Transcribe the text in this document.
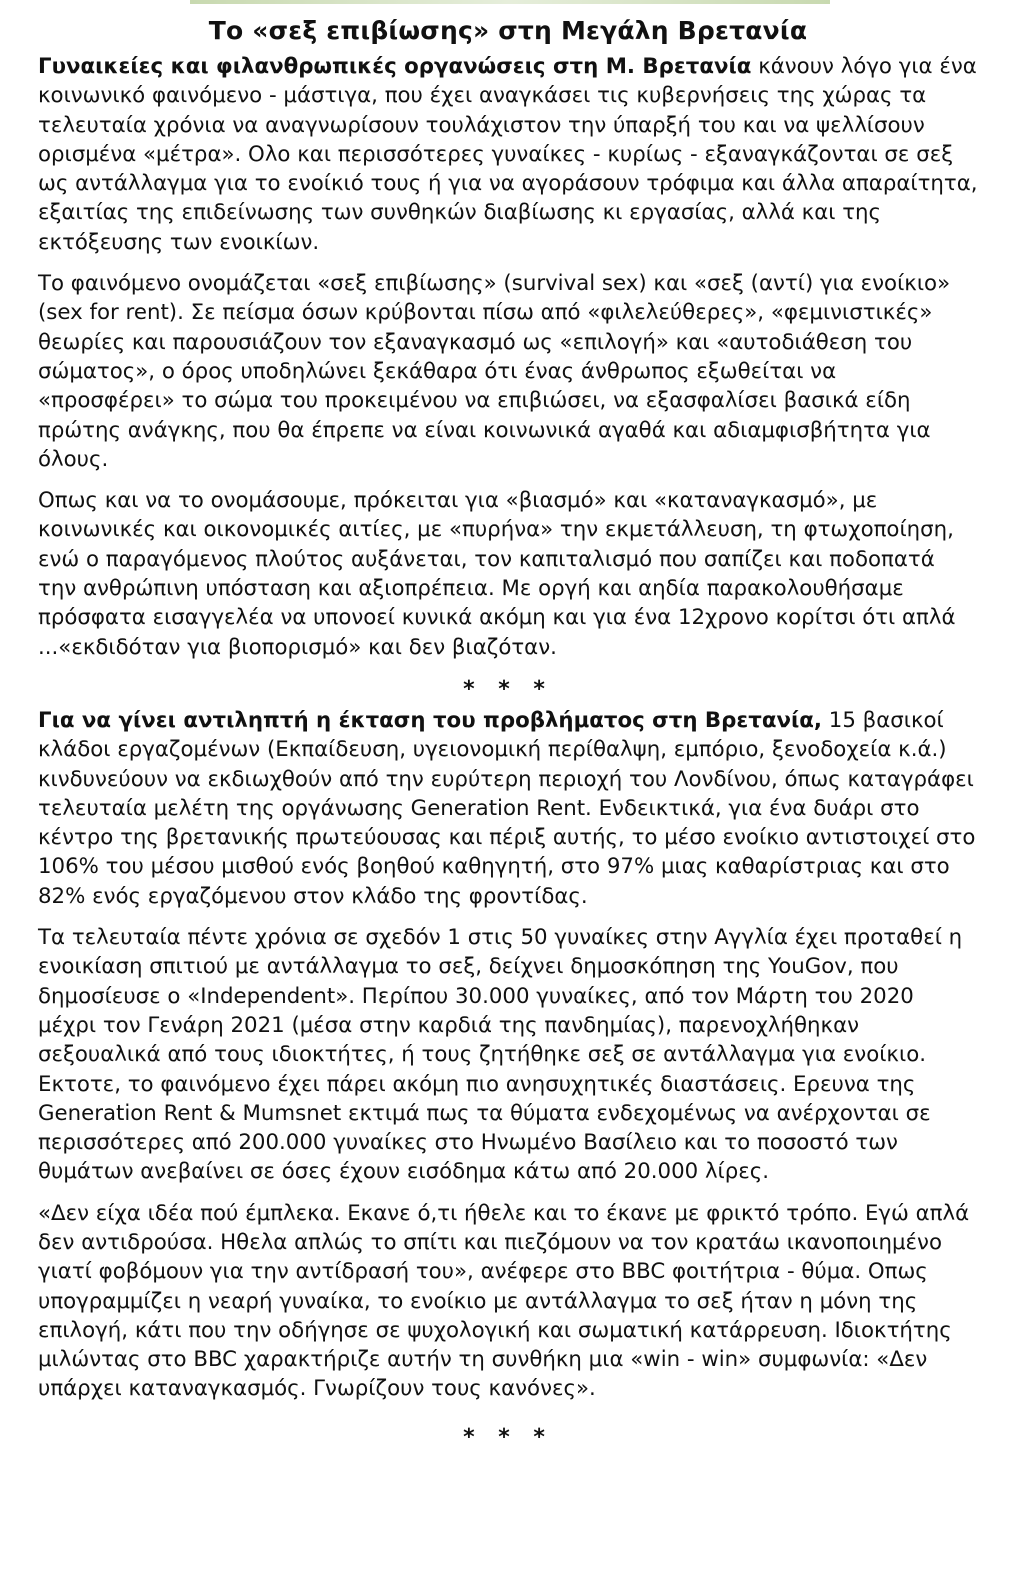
Το «σεξ επιβίωσης» στη Μεγάλη Βρετανία

Γυναικείες και φιλανθρωπικές οργανώσεις στη Μ. Βρετανία κάνουν λόγο για ένα κοινωνικό φαινόμενο - μάστιγα, που έχει αναγκάσει τις κυβερνήσεις της χώρας τα τελευταία χρόνια να αναγνωρίσουν τουλάχιστον την ύπαρξή του και να ψελλίσουν ορισμένα «μέτρα». Ολο και περισσότερες γυναίκες - κυρίως - εξαναγκάζονται σε σεξ ως αντάλλαγμα για το ενοίκιό τους ή για να αγοράσουν τρόφιμα και άλλα απαραίτητα, εξαιτίας της επιδείνωσης των συνθηκών διαβίωσης κι εργασίας, αλλά και της εκτόξευσης των ενοικίων.

Το φαινόμενο ονομάζεται «σεξ επιβίωσης» (survival sex) και «σεξ (αντί) για ενοίκιο» (sex for rent). Σε πείσμα όσων κρύβονται πίσω από «φιλελεύθερες», «φεμινιστικές» θεωρίες και παρουσιάζουν τον εξαναγκασμό ως «επιλογή» και «αυτοδιάθεση του σώματος», ο όρος υποδηλώνει ξεκάθαρα ότι ένας άνθρωπος εξωθείται να «προσφέρει» το σώμα του προκειμένου να επιβιώσει, να εξασφαλίσει βασικά είδη πρώτης ανάγκης, που θα έπρεπε να είναι κοινωνικά αγαθά και αδιαμφισβήτητα για όλους.

Οπως και να το ονομάσουμε, πρόκειται για «βιασμό» και «καταναγκασμό», με κοινωνικές και οικονομικές αιτίες, με «πυρήνα» την εκμετάλλευση, τη φτωχοποίηση, ενώ ο παραγόμενος πλούτος αυξάνεται, τον καπιταλισμό που σαπίζει και ποδοπατά την ανθρώπινη υπόσταση και αξιοπρέπεια. Με οργή και αηδία παρακολουθήσαμε πρόσφατα εισαγγελέα να υπονοεί κυνικά ακόμη και για ένα 12χρονο κορίτσι ότι απλά ...«εκδιδόταν για βιοπορισμό» και δεν βιαζόταν.

* * *

Για να γίνει αντιληπτή η έκταση του προβλήματος στη Βρετανία, 15 βασικοί κλάδοι εργαζομένων (Εκπαίδευση, υγειονομική περίθαλψη, εμπόριο, ξενοδοχεία κ.ά.) κινδυνεύουν να εκδιωχθούν από την ευρύτερη περιοχή του Λονδίνου, όπως καταγράφει τελευταία μελέτη της οργάνωσης Generation Rent. Ενδεικτικά, για ένα δυάρι στο κέντρο της βρετανικής πρωτεύουσας και πέριξ αυτής, το μέσο ενοίκιο αντιστοιχεί στο 106% του μέσου μισθού ενός βοηθού καθηγητή, στο 97% μιας καθαρίστριας και στο 82% ενός εργαζόμενου στον κλάδο της φροντίδας.

Τα τελευταία πέντε χρόνια σε σχεδόν 1 στις 50 γυναίκες στην Αγγλία έχει προταθεί η ενοικίαση σπιτιού με αντάλλαγμα το σεξ, δείχνει δημοσκόπηση της YouGov, που δημοσίευσε ο «Independent». Περίπου 30.000 γυναίκες, από τον Μάρτη του 2020 μέχρι τον Γενάρη 2021 (μέσα στην καρδιά της πανδημίας), παρενοχλήθηκαν σεξουαλικά από τους ιδιοκτήτες, ή τους ζητήθηκε σεξ σε αντάλλαγμα για ενοίκιο. Εκτοτε, το φαινόμενο έχει πάρει ακόμη πιο ανησυχητικές διαστάσεις. Ερευνα της Generation Rent & Mumsnet εκτιμά πως τα θύματα ενδεχομένως να ανέρχονται σε περισσότερες από 200.000 γυναίκες στο Ηνωμένο Βασίλειο και το ποσοστό των θυμάτων ανεβαίνει σε όσες έχουν εισόδημα κάτω από 20.000 λίρες.

«Δεν είχα ιδέα πού έμπλεκα. Εκανε ό,τι ήθελε και το έκανε με φρικτό τρόπο. Εγώ απλά δεν αντιδρούσα. Ηθελα απλώς το σπίτι και πιεζόμουν να τον κρατάω ικανοποιημένο γιατί φοβόμουν για την αντίδρασή του», ανέφερε στο BBC φοιτήτρια - θύμα. Οπως υπογραμμίζει η νεαρή γυναίκα, το ενοίκιο με αντάλλαγμα το σεξ ήταν η μόνη της επιλογή, κάτι που την οδήγησε σε ψυχολογική και σωματική κατάρρευση. Ιδιοκτήτης μιλώντας στο BBC χαρακτήριζε αυτήν τη συνθήκη μια «win - win» συμφωνία: «Δεν υπάρχει καταναγκασμός. Γνωρίζουν τους κανόνες».

* * *
